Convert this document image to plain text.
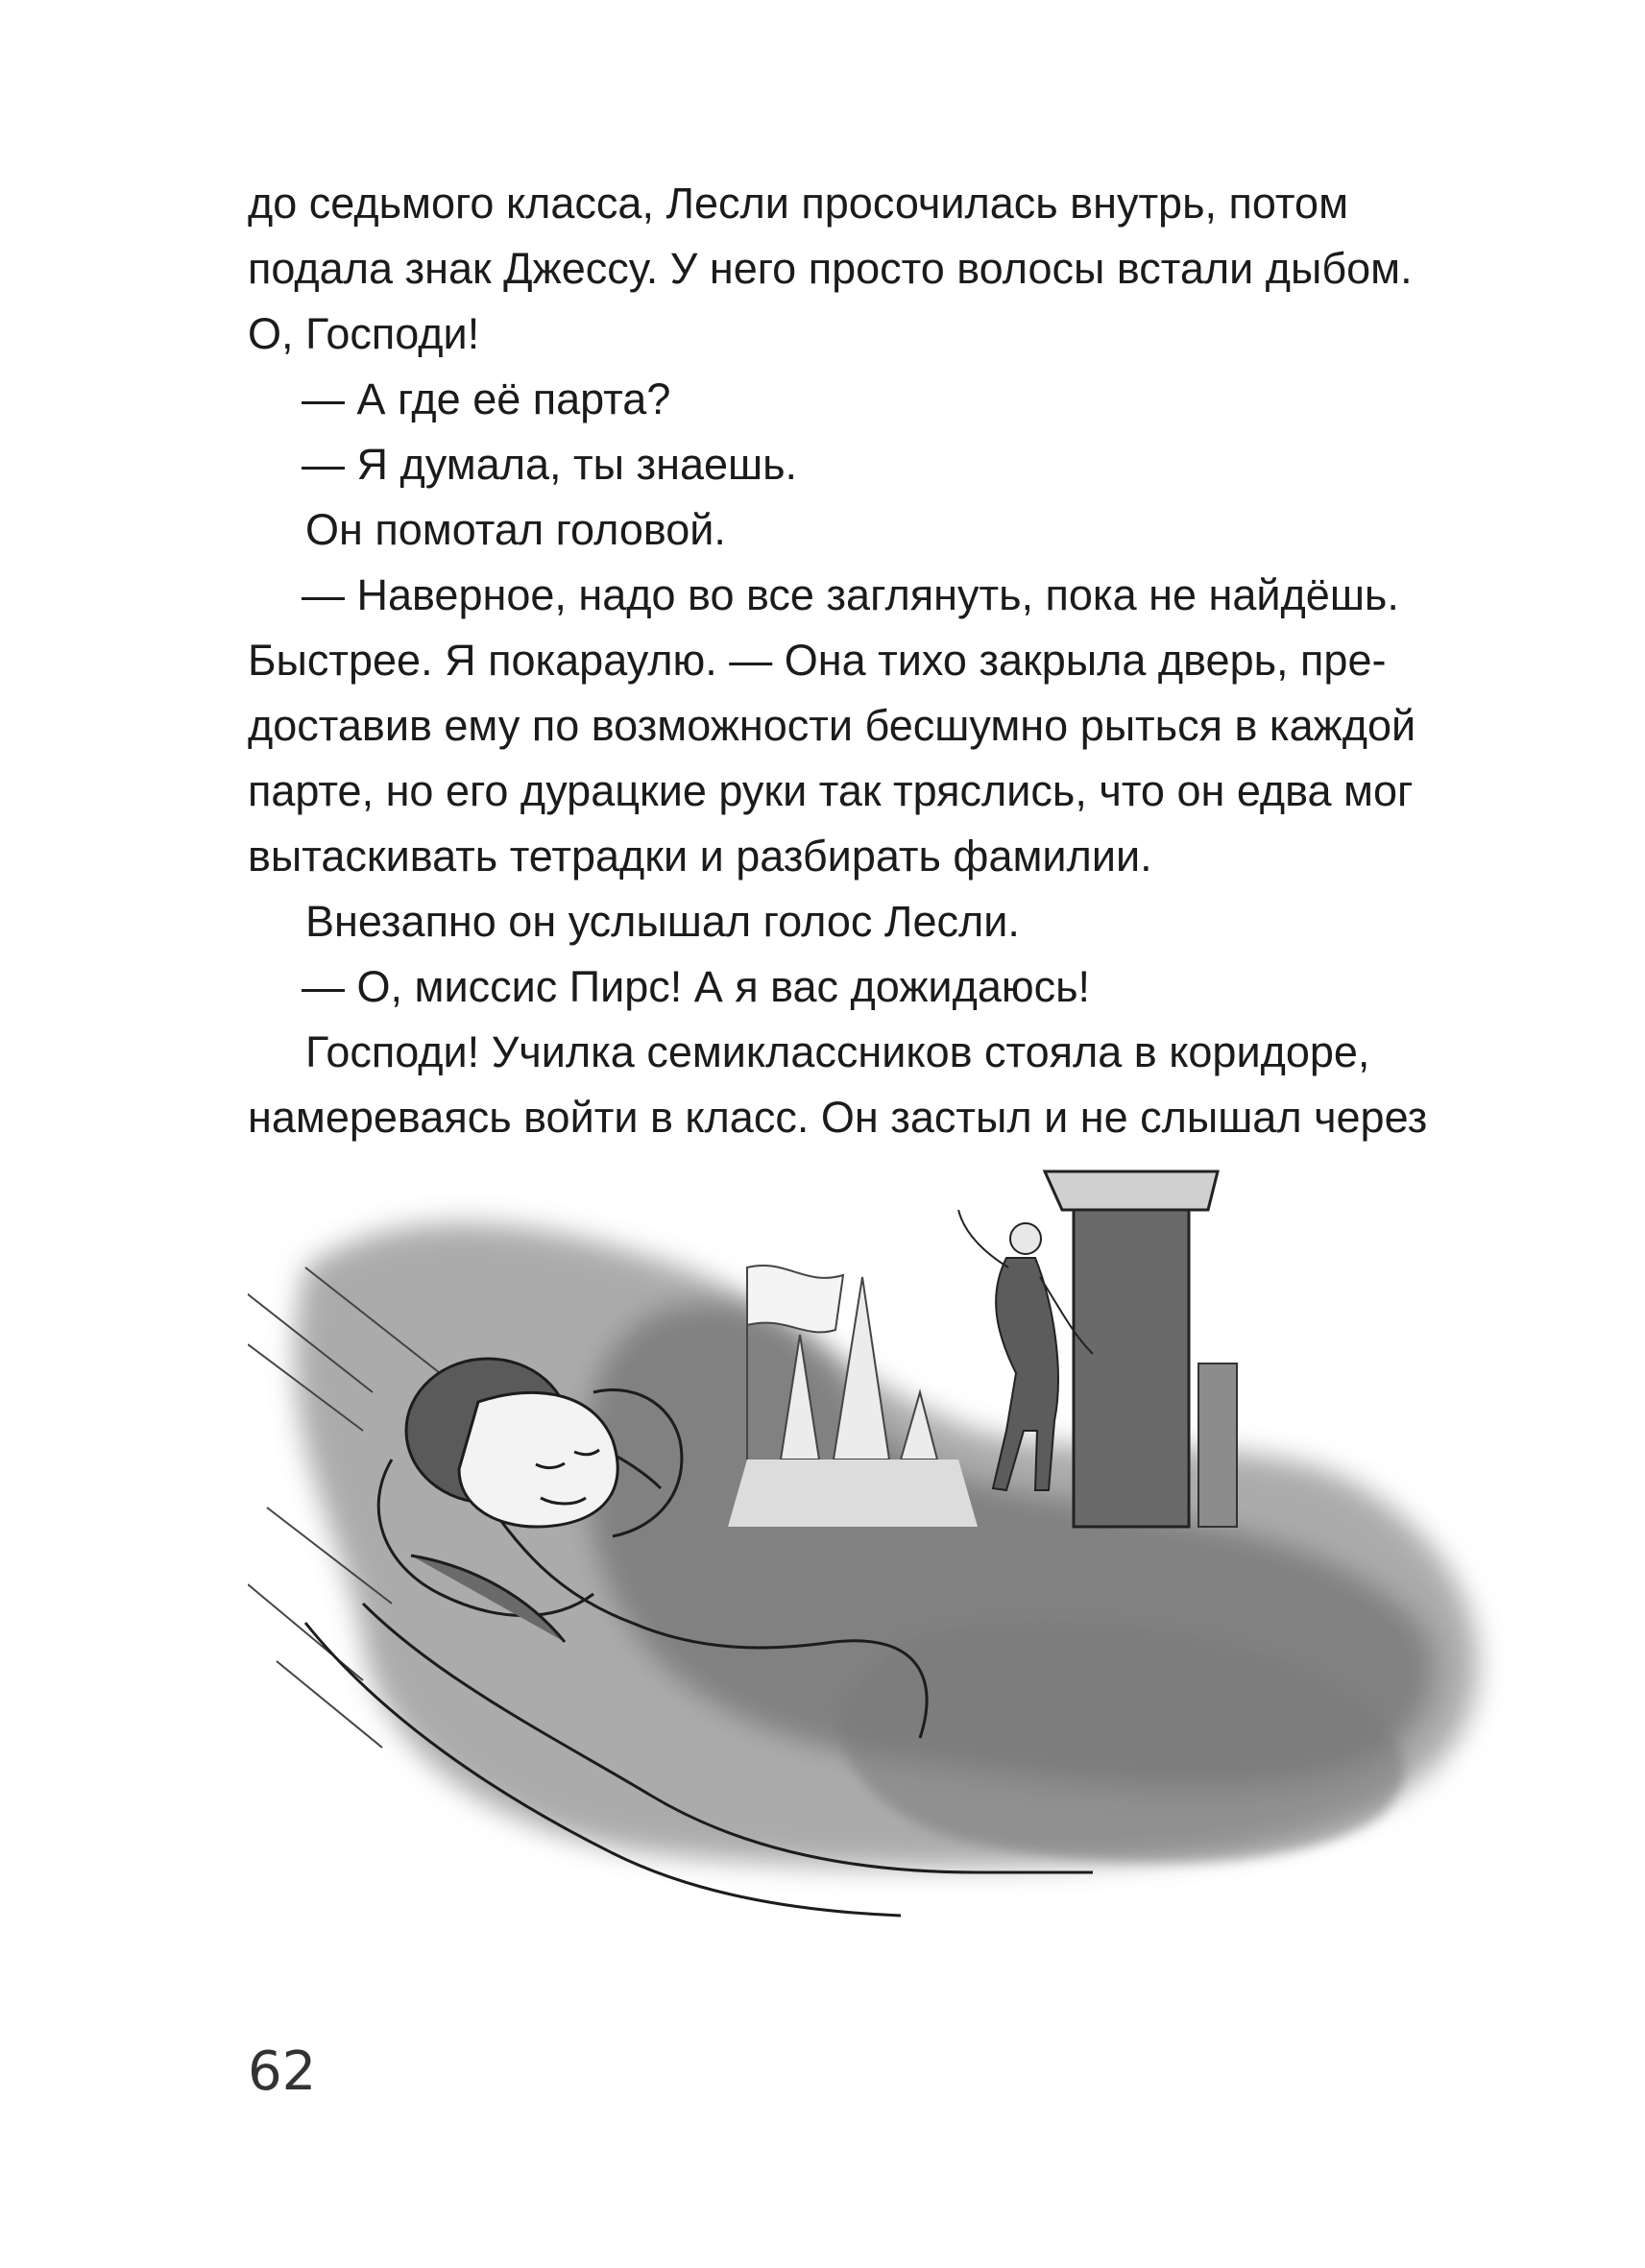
до седьмого класса, Лесли просочилась внутрь, потом

подала знак Джессу. У него просто волосы встали дыбом.

О, Господи!

— А где её парта?

— Я думала, ты знаешь.

Он помотал головой.

— Наверное, надо во все заглянуть, пока не найдёшь.

Быстрее. Я покараулю. — Она тихо закрыла дверь, пре-

доставив ему по возможности бесшумно рыться в каждой

парте, но его дурацкие руки так тряслись, что он едва мог

вытаскивать тетрадки и разбирать фамилии.

Внезапно он услышал голос Лесли.

— О, миссис Пирс! А я вас дожидаюсь!

Господи! Училка семиклассников стояла в коридоре,

намереваясь войти в класс. Он застыл и не слышал через

62
